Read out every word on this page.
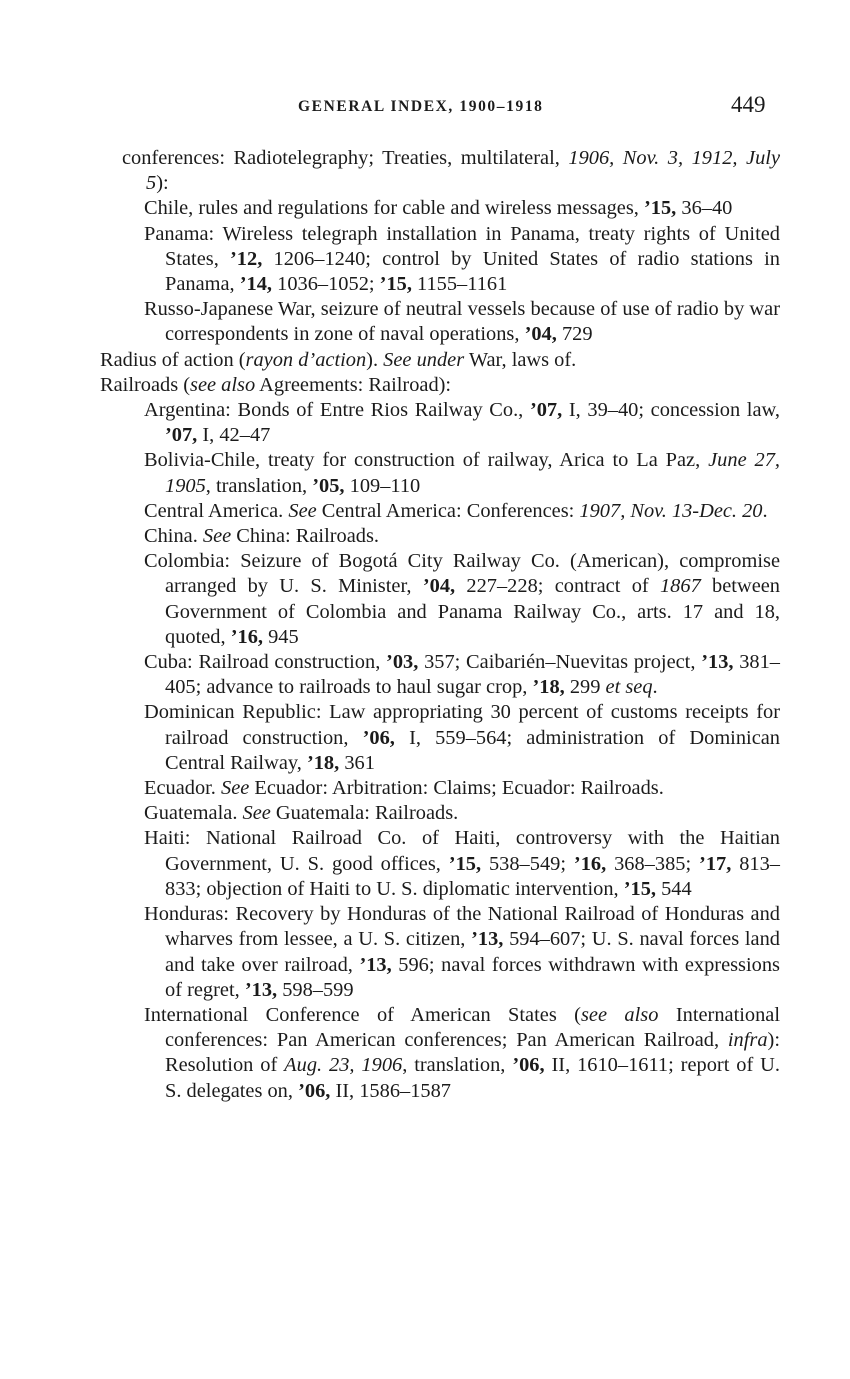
GENERAL INDEX, 1900–1918	449

conferences: Radiotelegraphy; Treaties, multilateral, 1906, Nov. 3, 1912, July 5):

Chile, rules and regulations for cable and wireless messages, ’15, 36–40

Panama: Wireless telegraph installation in Panama, treaty rights of United States, ’12, 1206–1240; control by United States of radio stations in Panama, ’14, 1036–1052; ’15, 1155–1161

Russo-Japanese War, seizure of neutral vessels because of use of radio by war correspondents in zone of naval operations, ’04, 729

Radius of action (rayon d’action). See under War, laws of.

Railroads (see also Agreements: Railroad):

Argentina: Bonds of Entre Rios Railway Co., ’07, I, 39–40; concession law, ’07, I, 42–47

Bolivia-Chile, treaty for construction of railway, Arica to La Paz, June 27, 1905, translation, ’05, 109–110

Central America. See Central America: Conferences: 1907, Nov. 13-Dec. 20.

China. See China: Railroads.

Colombia: Seizure of Bogotá City Railway Co. (American), compromise arranged by U. S. Minister, ’04, 227–228; contract of 1867 between Government of Colombia and Panama Railway Co., arts. 17 and 18, quoted, ’16, 945

Cuba: Railroad construction, ’03, 357; Caibarién–Nuevitas project, ’13, 381–405; advance to railroads to haul sugar crop, ’18, 299 et seq.

Dominican Republic: Law appropriating 30 percent of customs receipts for railroad construction, ’06, I, 559–564; administration of Dominican Central Railway, ’18, 361

Ecuador. See Ecuador: Arbitration: Claims; Ecuador: Railroads.

Guatemala. See Guatemala: Railroads.

Haiti: National Railroad Co. of Haiti, controversy with the Haitian Government, U. S. good offices, ’15, 538–549; ’16, 368–385; ’17, 813–833; objection of Haiti to U. S. diplomatic intervention, ’15, 544

Honduras: Recovery by Honduras of the National Railroad of Honduras and wharves from lessee, a U. S. citizen, ’13, 594–607; U. S. naval forces land and take over railroad, ’13, 596; naval forces withdrawn with expressions of regret, ’13, 598–599

International Conference of American States (see also International conferences: Pan American conferences; Pan American Railroad, infra): Resolution of Aug. 23, 1906, translation, ’06, II, 1610–1611; report of U. S. delegates on, ’06, II, 1586–1587
